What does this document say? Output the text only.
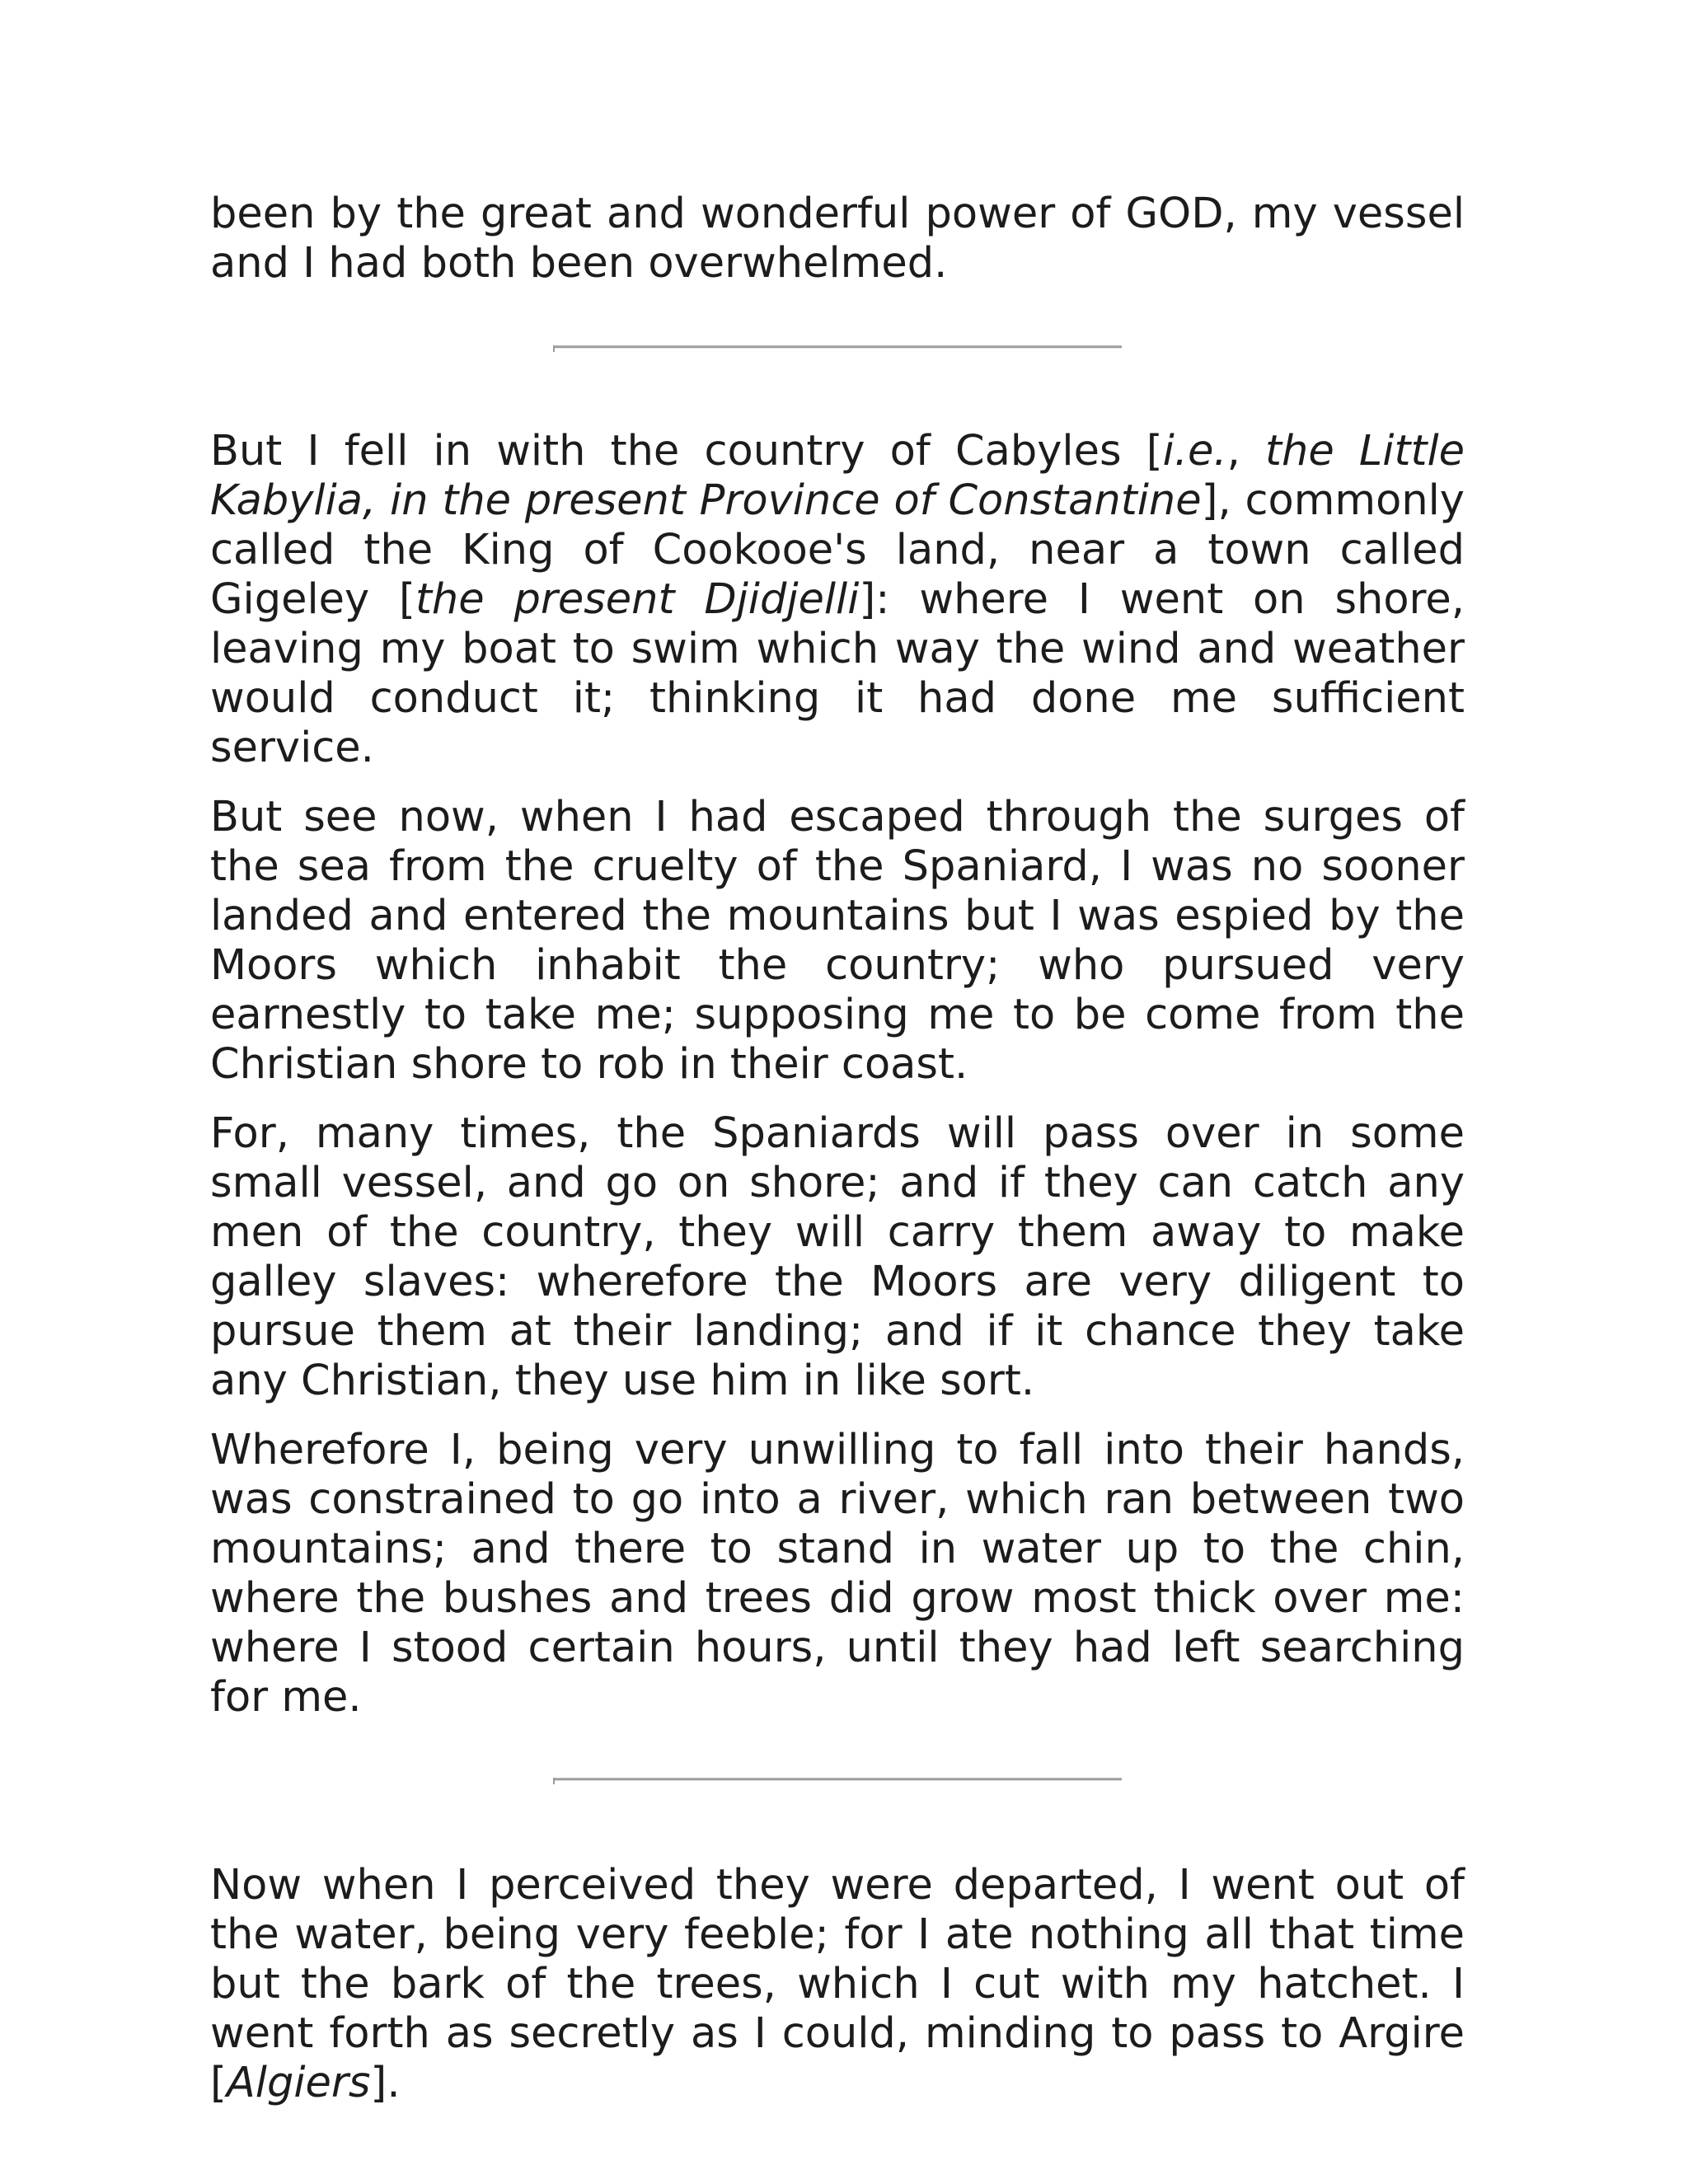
been by the great and wonderful power of GOD, my vessel and I had both been overwhelmed.

But I fell in with the country of Cabyles [i.e., the Little Kabylia, in the present Province of Constantine], commonly called the King of Cookooe's land, near a town called Gigeley [the present Djidjelli]: where I went on shore, leaving my boat to swim which way the wind and weather would conduct it; thinking it had done me sufficient service.

But see now, when I had escaped through the surges of the sea from the cruelty of the Spaniard, I was no sooner landed and entered the mountains but I was espied by the Moors which inhabit the country; who pursued very earnestly to take me; supposing me to be come from the Christian shore to rob in their coast.

For, many times, the Spaniards will pass over in some small vessel, and go on shore; and if they can catch any men of the country, they will carry them away to make galley slaves: wherefore the Moors are very diligent to pursue them at their landing; and if it chance they take any Christian, they use him in like sort.

Wherefore I, being very unwilling to fall into their hands, was constrained to go into a river, which ran between two mountains; and there to stand in water up to the chin, where the bushes and trees did grow most thick over me: where I stood certain hours, until they had left searching for me.

Now when I perceived they were departed, I went out of the water, being very feeble; for I ate nothing all that time but the bark of the trees, which I cut with my hatchet. I went forth as secretly as I could, minding to pass to Argire [Algiers].
